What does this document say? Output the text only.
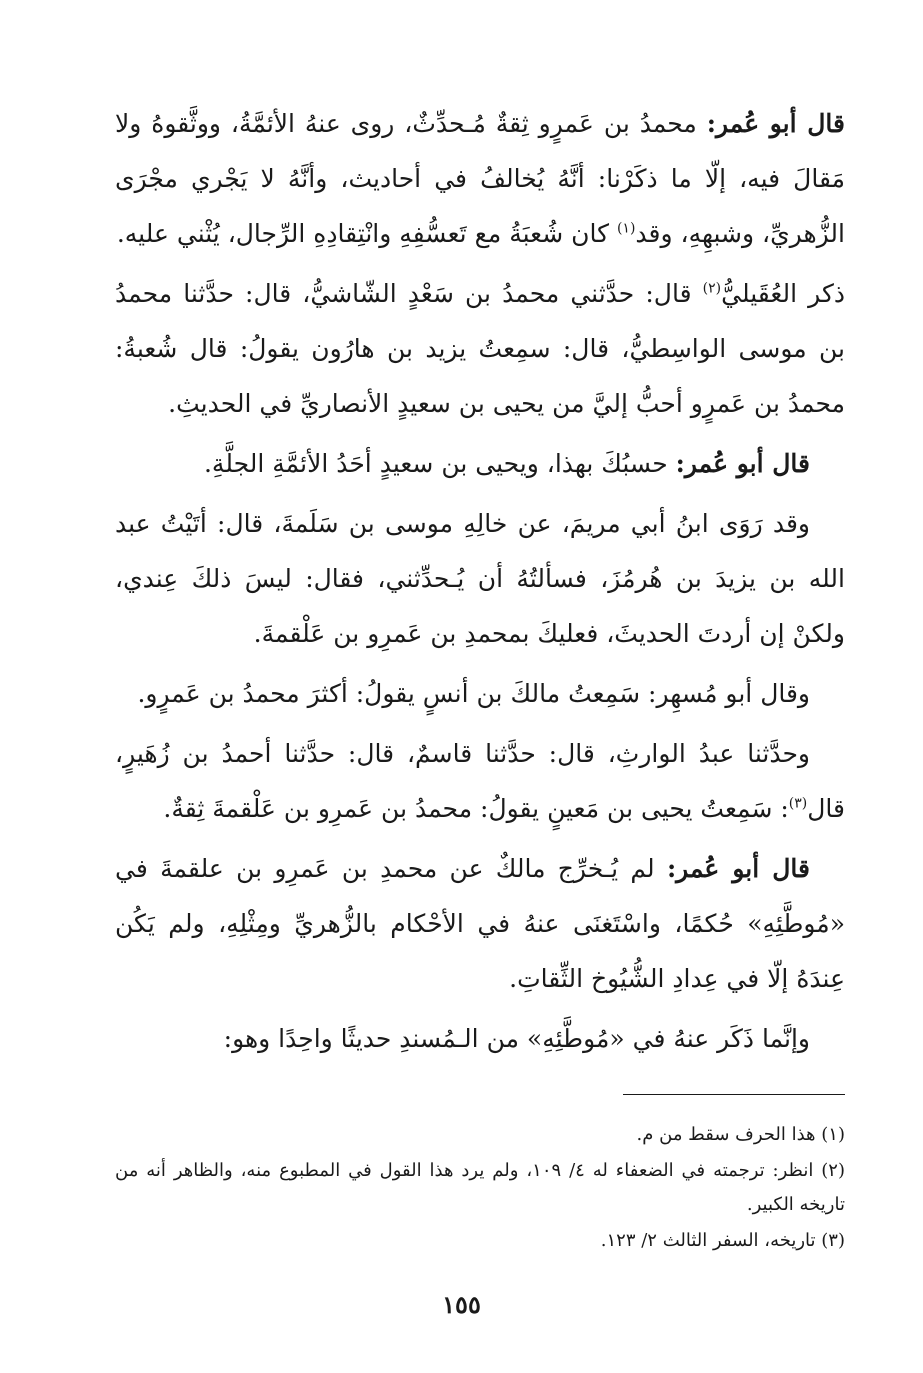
قال أبو عُمر: محمدُ بن عَمرٍو ثِقةٌ مُـحدِّثٌ، روى عنهُ الأئمَّةُ، ووثَّقوهُ ولا مَقالَ فيه، إلّا ما ذكَرْنا: أنَّهُ يُخالفُ في أحاديث، وأنَّهُ لا يَجْري مجْرَى الزُّهريِّ، وشبهِهِ، وقد$^{(١)}$ كان شُعبَةُ مع تَعسُّفِهِ وانْتِقادِهِ الرِّجال، يُثْني عليه.

ذكر العُقَيليُّ$^{(٢)}$ قال: حدَّثني محمدُ بن سَعْدٍ الشّاشيُّ، قال: حدَّثنا محمدُ بن موسى الواسِطيُّ، قال: سمِعتُ يزيد بن هارُون يقولُ: قال شُعبةُ: محمدُ بن عَمرٍو أحبُّ إليَّ من يحيى بن سعيدٍ الأنصاريِّ في الحديثِ.

قال أبو عُمر: حسبُكَ بهذا، ويحيى بن سعيدٍ أحَدُ الأئمَّةِ الجلَّةِ.

وقد رَوَى ابنُ أبي مريمَ، عن خالِهِ موسى بن سَلَمةَ، قال: أتَيْتُ عبد الله بن يزيدَ بن هُرمُزَ، فسألتُهُ أن يُـحدِّثني، فقال: ليسَ ذلكَ عِندي، ولكنْ إن أردتَ الحديثَ، فعليكَ بمحمدِ بن عَمرِو بن عَلْقمةَ.

وقال أبو مُسهِر: سَمِعتُ مالكَ بن أنسٍ يقولُ: أكثرَ محمدُ بن عَمرٍو.

وحدَّثنا عبدُ الوارثِ، قال: حدَّثنا قاسمٌ، قال: حدَّثنا أحمدُ بن زُهَيرٍ، قال$^{(٣)}$: سَمِعتُ يحيى بن مَعينٍ يقولُ: محمدُ بن عَمرِو بن عَلْقمةَ ثِقةٌ.

قال أبو عُمر: لم يُـخرِّج مالكٌ عن محمدِ بن عَمرِو بن علقمةَ في «مُوطَّئِهِ» حُكمًا، واسْتَغنَى عنهُ في الأحْكام بالزُّهريِّ ومِثْلِهِ، ولم يَكُن عِندَهُ إلّا في عِدادِ الشُّيُوخ الثِّقاتِ.

وإنَّما ذَكَر عنهُ في «مُوطَّئِهِ» من الـمُسندِ حديثًا واحِدًا وهو:

(١) هذا الحرف سقط من م.

(٢) انظر: ترجمته في الضعفاء له ٤/ ١٠٩، ولم يرد هذا القول في المطبوع منه، والظاهر أنه من تاريخه الكبير.

(٣) تاريخه، السفر الثالث ٢/ ١٢٣.

١٥٥
